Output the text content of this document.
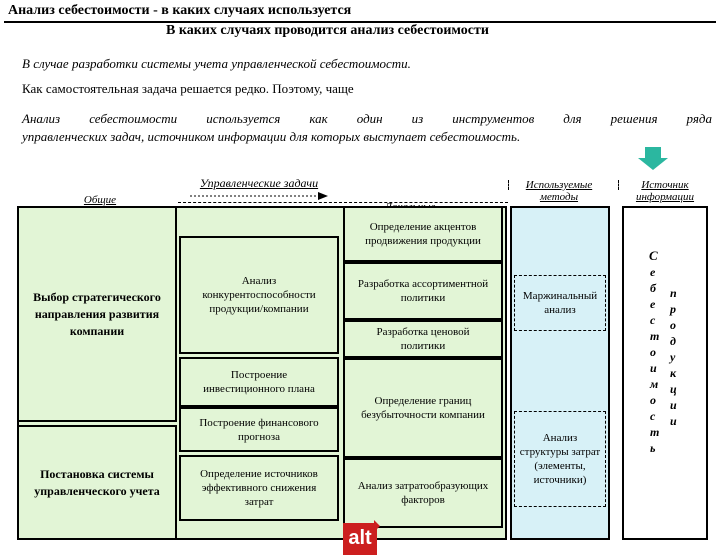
Анализ себестоимости - в каких случаях используется
В каких случаях проводится анализ себестоимости
В случае разработки системы учета управленческой себестоимости.
Как самостоятельная задача решается редко. Поэтому, чаще
Анализ себестоимости используется как один из инструментов для решения ряда
управленческих задач, источником информации для которых выступает себестоимость.
Управленческие задачи
Общие
Используемые методы
Источник информации
Выбор стратегического направления развития компании
Постановка системы управленческого учета
Анализ конкурентоспособности продукции/компании
Построение инвестиционного плана
Построение финансового прогноза
Определение источников эффективного снижения затрат
Определение акцентов продвижения продукции
Разработка ассортиментной политики
Разработка ценовой политики
Определение границ безубыточности компании
Анализ затратообразующих факторов
Маржинальный анализ
Анализ структуры затрат (элементы, источники)
С
е
б
е
с
т
о
и
м
о
с
т
ь
п
р
о
д
у
к
ц
и
и
alt
